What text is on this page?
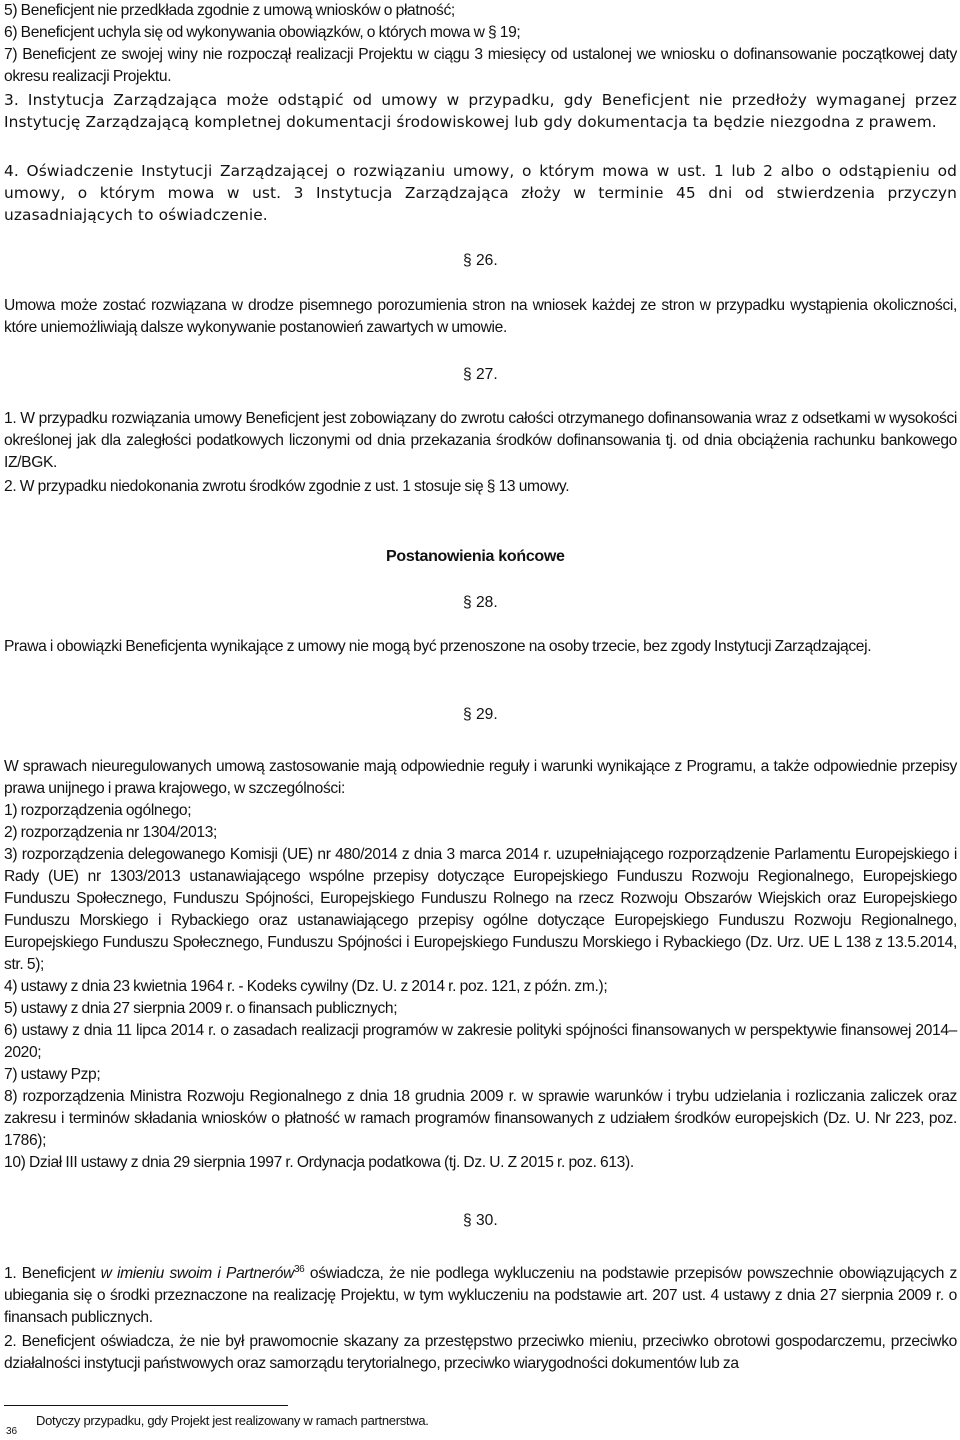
5) Beneficjent nie przedkłada zgodnie z umową wniosków o płatność;
6) Beneficjent uchyla się od wykonywania obowiązków, o których mowa w § 19;
7) Beneficjent ze swojej winy nie rozpoczął realizacji Projektu w ciągu 3 miesięcy od ustalonej we wniosku o dofinansowanie początkowej daty okresu realizacji Projektu.

3. Instytucja Zarządzająca może odstąpić od umowy w przypadku, gdy Beneficjent nie przedłoży wymaganej przez Instytucję Zarządzającą kompletnej dokumentacji środowiskowej lub gdy dokumentacja ta będzie niezgodna z prawem.

4. Oświadczenie Instytucji Zarządzającej o rozwiązaniu umowy, o którym mowa w ust. 1 lub 2 albo o odstąpieniu od umowy, o którym mowa w ust. 3 Instytucja Zarządzająca złoży w terminie 45 dni od stwierdzenia przyczyn uzasadniających to oświadczenie.

§ 26.

Umowa może zostać rozwiązana w drodze pisemnego porozumienia stron na wniosek każdej ze stron w przypadku wystąpienia okoliczności, które uniemożliwiają dalsze wykonywanie postanowień zawartych w umowie.

§ 27.

1. W przypadku rozwiązania umowy Beneficjent jest zobowiązany do zwrotu całości otrzymanego dofinansowania wraz z odsetkami w wysokości określonej jak dla zaległości podatkowych liczonymi od dnia przekazania środków dofinansowania tj. od dnia obciążenia rachunku bankowego IZ/BGK.

2. W przypadku niedokonania zwrotu środków zgodnie z ust. 1 stosuje się § 13 umowy.

Postanowienia końcowe
§ 28.

Prawa i obowiązki Beneficjenta wynikające z umowy nie mogą być przenoszone na osoby trzecie, bez zgody Instytucji Zarządzającej.

§ 29.
W sprawach nieuregulowanych umową zastosowanie mają odpowiednie reguły i warunki wynikające z Programu, a także odpowiednie przepisy prawa unijnego i prawa krajowego, w szczególności:
1) rozporządzenia ogólnego;
2) rozporządzenia nr 1304/2013;
3) rozporządzenia delegowanego Komisji (UE) nr 480/2014 z dnia 3 marca 2014 r. uzupełniającego rozporządzenie Parlamentu Europejskiego i Rady (UE) nr 1303/2013 ustanawiającego wspólne przepisy dotyczące Europejskiego Funduszu Rozwoju Regionalnego, Europejskiego Funduszu Społecznego, Funduszu Spójności, Europejskiego Funduszu Rolnego na rzecz Rozwoju Obszarów Wiejskich oraz Europejskiego Funduszu Morskiego i Rybackiego oraz ustanawiającego przepisy ogólne dotyczące Europejskiego Funduszu Rozwoju Regionalnego, Europejskiego Funduszu Społecznego, Funduszu Spójności i Europejskiego Funduszu Morskiego i Rybackiego (Dz. Urz. UE L 138 z 13.5.2014, str. 5);
4) ustawy z dnia 23 kwietnia 1964 r. - Kodeks cywilny (Dz. U. z 2014 r. poz. 121, z późn. zm.);
5) ustawy z dnia 27 sierpnia 2009 r. o finansach publicznych;
6) ustawy z dnia 11 lipca 2014 r. o zasadach realizacji programów w zakresie polityki spójności finansowanych w perspektywie finansowej 2014–2020;
7) ustawy Pzp;
8) rozporządzenia Ministra Rozwoju Regionalnego z dnia 18 grudnia 2009 r. w sprawie warunków i trybu udzielania i rozliczania zaliczek oraz zakresu i terminów składania wniosków o płatność w ramach programów finansowanych z udziałem środków europejskich (Dz. U. Nr 223, poz. 1786);
10) Dział III ustawy z dnia 29 sierpnia 1997 r. Ordynacja podatkowa (tj. Dz. U. Z 2015 r. poz. 613).
§ 30.

1. Beneficjent w imieniu swoim i Partnerów$^{36}$ oświadcza, że nie podlega wykluczeniu na podstawie przepisów powszechnie obowiązujących z ubiegania się o środki przeznaczone na realizację Projektu, w tym wykluczeniu na podstawie art. 207 ust. 4 ustawy z dnia 27 sierpnia 2009 r. o finansach publicznych.

2. Beneficjent oświadcza, że nie był prawomocnie skazany za przestępstwo przeciwko mieniu, przeciwko obrotowi gospodarczemu, przeciwko działalności instytucji państwowych oraz samorządu terytorialnego, przeciwko wiarygodności dokumentów lub za

36
Dotyczy przypadku, gdy Projekt jest realizowany w ramach partnerstwa.
